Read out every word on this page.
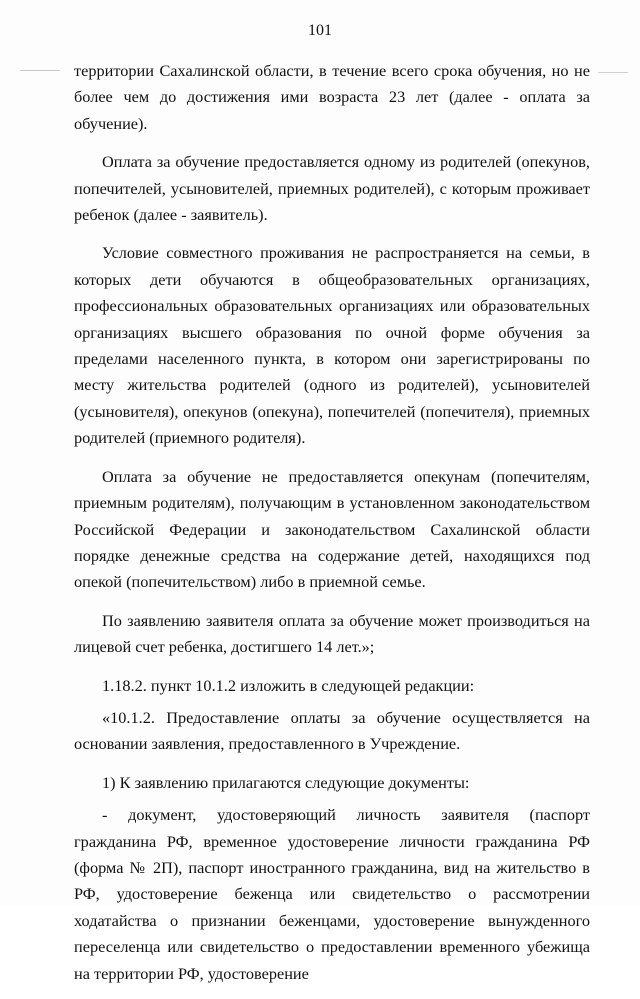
101

территории Сахалинской области, в течение всего срока обучения, но не более чем до достижения ими возраста 23 лет (далее - оплата за обучение).

Оплата за обучение предоставляется одному из родителей (опекунов, попечителей, усыновителей, приемных родителей), с которым проживает ребенок (далее - заявитель).

Условие совместного проживания не распространяется на семьи, в которых дети обучаются в общеобразовательных организациях, профессиональных образовательных организациях или образовательных организациях высшего образования по очной форме обучения за пределами населенного пункта, в котором они зарегистрированы по месту жительства родителей (одного из родителей), усыновителей (усыновителя), опекунов (опекуна), попечителей (попечителя), приемных родителей (приемного родителя).

Оплата за обучение не предоставляется опекунам (попечителям, приемным родителям), получающим в установленном законодательством Российской Федерации и законодательством Сахалинской области порядке денежные средства на содержание детей, находящихся под опекой (попечительством) либо в приемной семье.

По заявлению заявителя оплата за обучение может производиться на лицевой счет ребенка, достигшего 14 лет.»;

1.18.2. пункт 10.1.2 изложить в следующей редакции:

«10.1.2. Предоставление оплаты за обучение осуществляется на основании заявления, предоставленного в Учреждение.

1) К заявлению прилагаются следующие документы:

- документ, удостоверяющий личность заявителя (паспорт гражданина РФ, временное удостоверение личности гражданина РФ (форма № 2П), паспорт иностранного гражданина, вид на жительство в РФ, удостоверение беженца или свидетельство о рассмотрении ходатайства о признании беженцами, удостоверение вынужденного переселенца или свидетельство о предоставлении временного убежища на территории РФ, удостоверение
